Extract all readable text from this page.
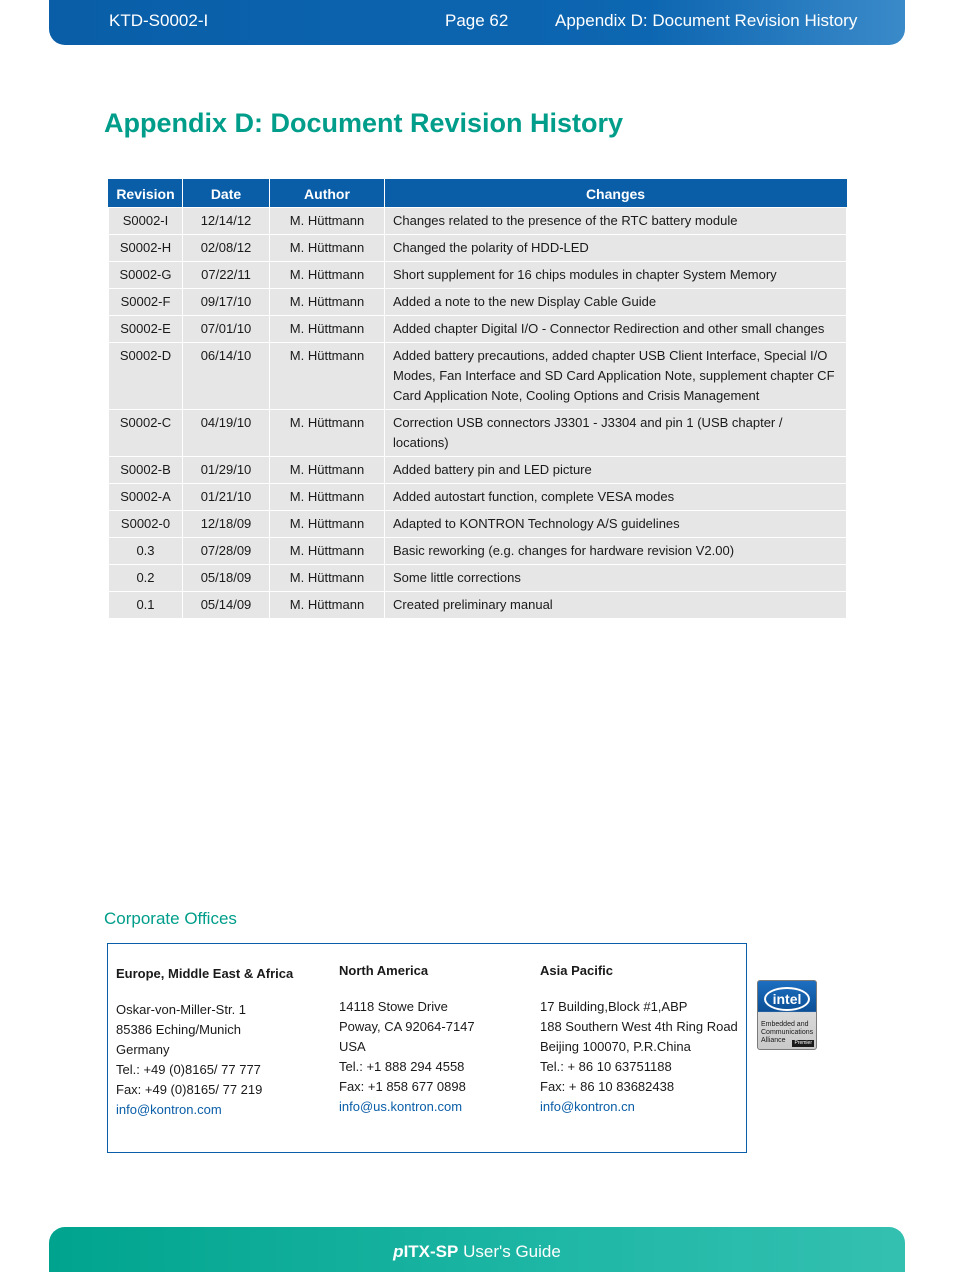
KTD-S0002-I	Page 62	Appendix D: Document Revision History
Appendix D: Document Revision History
Revision	Date	Author	Changes
S0002-I	12/14/12	M. Hüttmann	Changes related to the presence of the RTC battery module
S0002-H	02/08/12	M. Hüttmann	Changed the polarity of HDD-LED
S0002-G	07/22/11	M. Hüttmann	Short supplement for 16 chips modules in chapter System Memory
S0002-F	09/17/10	M. Hüttmann	Added a note to the new Display Cable Guide
S0002-E	07/01/10	M. Hüttmann	Added chapter Digital I/O - Connector Redirection and other small changes
S0002-D	06/14/10	M. Hüttmann	Added battery precautions, added chapter USB Client Interface, Special I/O Modes, Fan Interface and SD Card Application Note, supplement chapter CF Card Application Note, Cooling Options and Crisis Management
S0002-C	04/19/10	M. Hüttmann	Correction USB connectors J3301 - J3304 and pin 1 (USB chapter / locations)
S0002-B	01/29/10	M. Hüttmann	Added battery pin and LED picture
S0002-A	01/21/10	M. Hüttmann	Added autostart function, complete VESA modes
S0002-0	12/18/09	M. Hüttmann	Adapted to KONTRON Technology A/S guidelines
0.3	07/28/09	M. Hüttmann	Basic reworking (e.g. changes for hardware revision V2.00)
0.2	05/18/09	M. Hüttmann	Some little corrections
0.1	05/14/09	M. Hüttmann	Created preliminary manual
Corporate Offices
Europe, Middle East & Africa
Oskar-von-Miller-Str. 1
85386 Eching/Munich
Germany
Tel.: +49 (0)8165/ 77 777
Fax: +49 (0)8165/ 77 219
info@kontron.com
North America
14118 Stowe Drive
Poway, CA 92064-7147
USA
Tel.: +1 888 294 4558
Fax: +1 858 677 0898
info@us.kontron.com
Asia Pacific
17 Building,Block #1,ABP
188 Southern West 4th Ring Road
Beijing 100070, P.R.China
Tel.: + 86 10 63751188
Fax: + 86 10 83682438
info@kontron.cn
intel
Embedded and
Communications
Alliance	Premier
pITX-SP User's Guide
